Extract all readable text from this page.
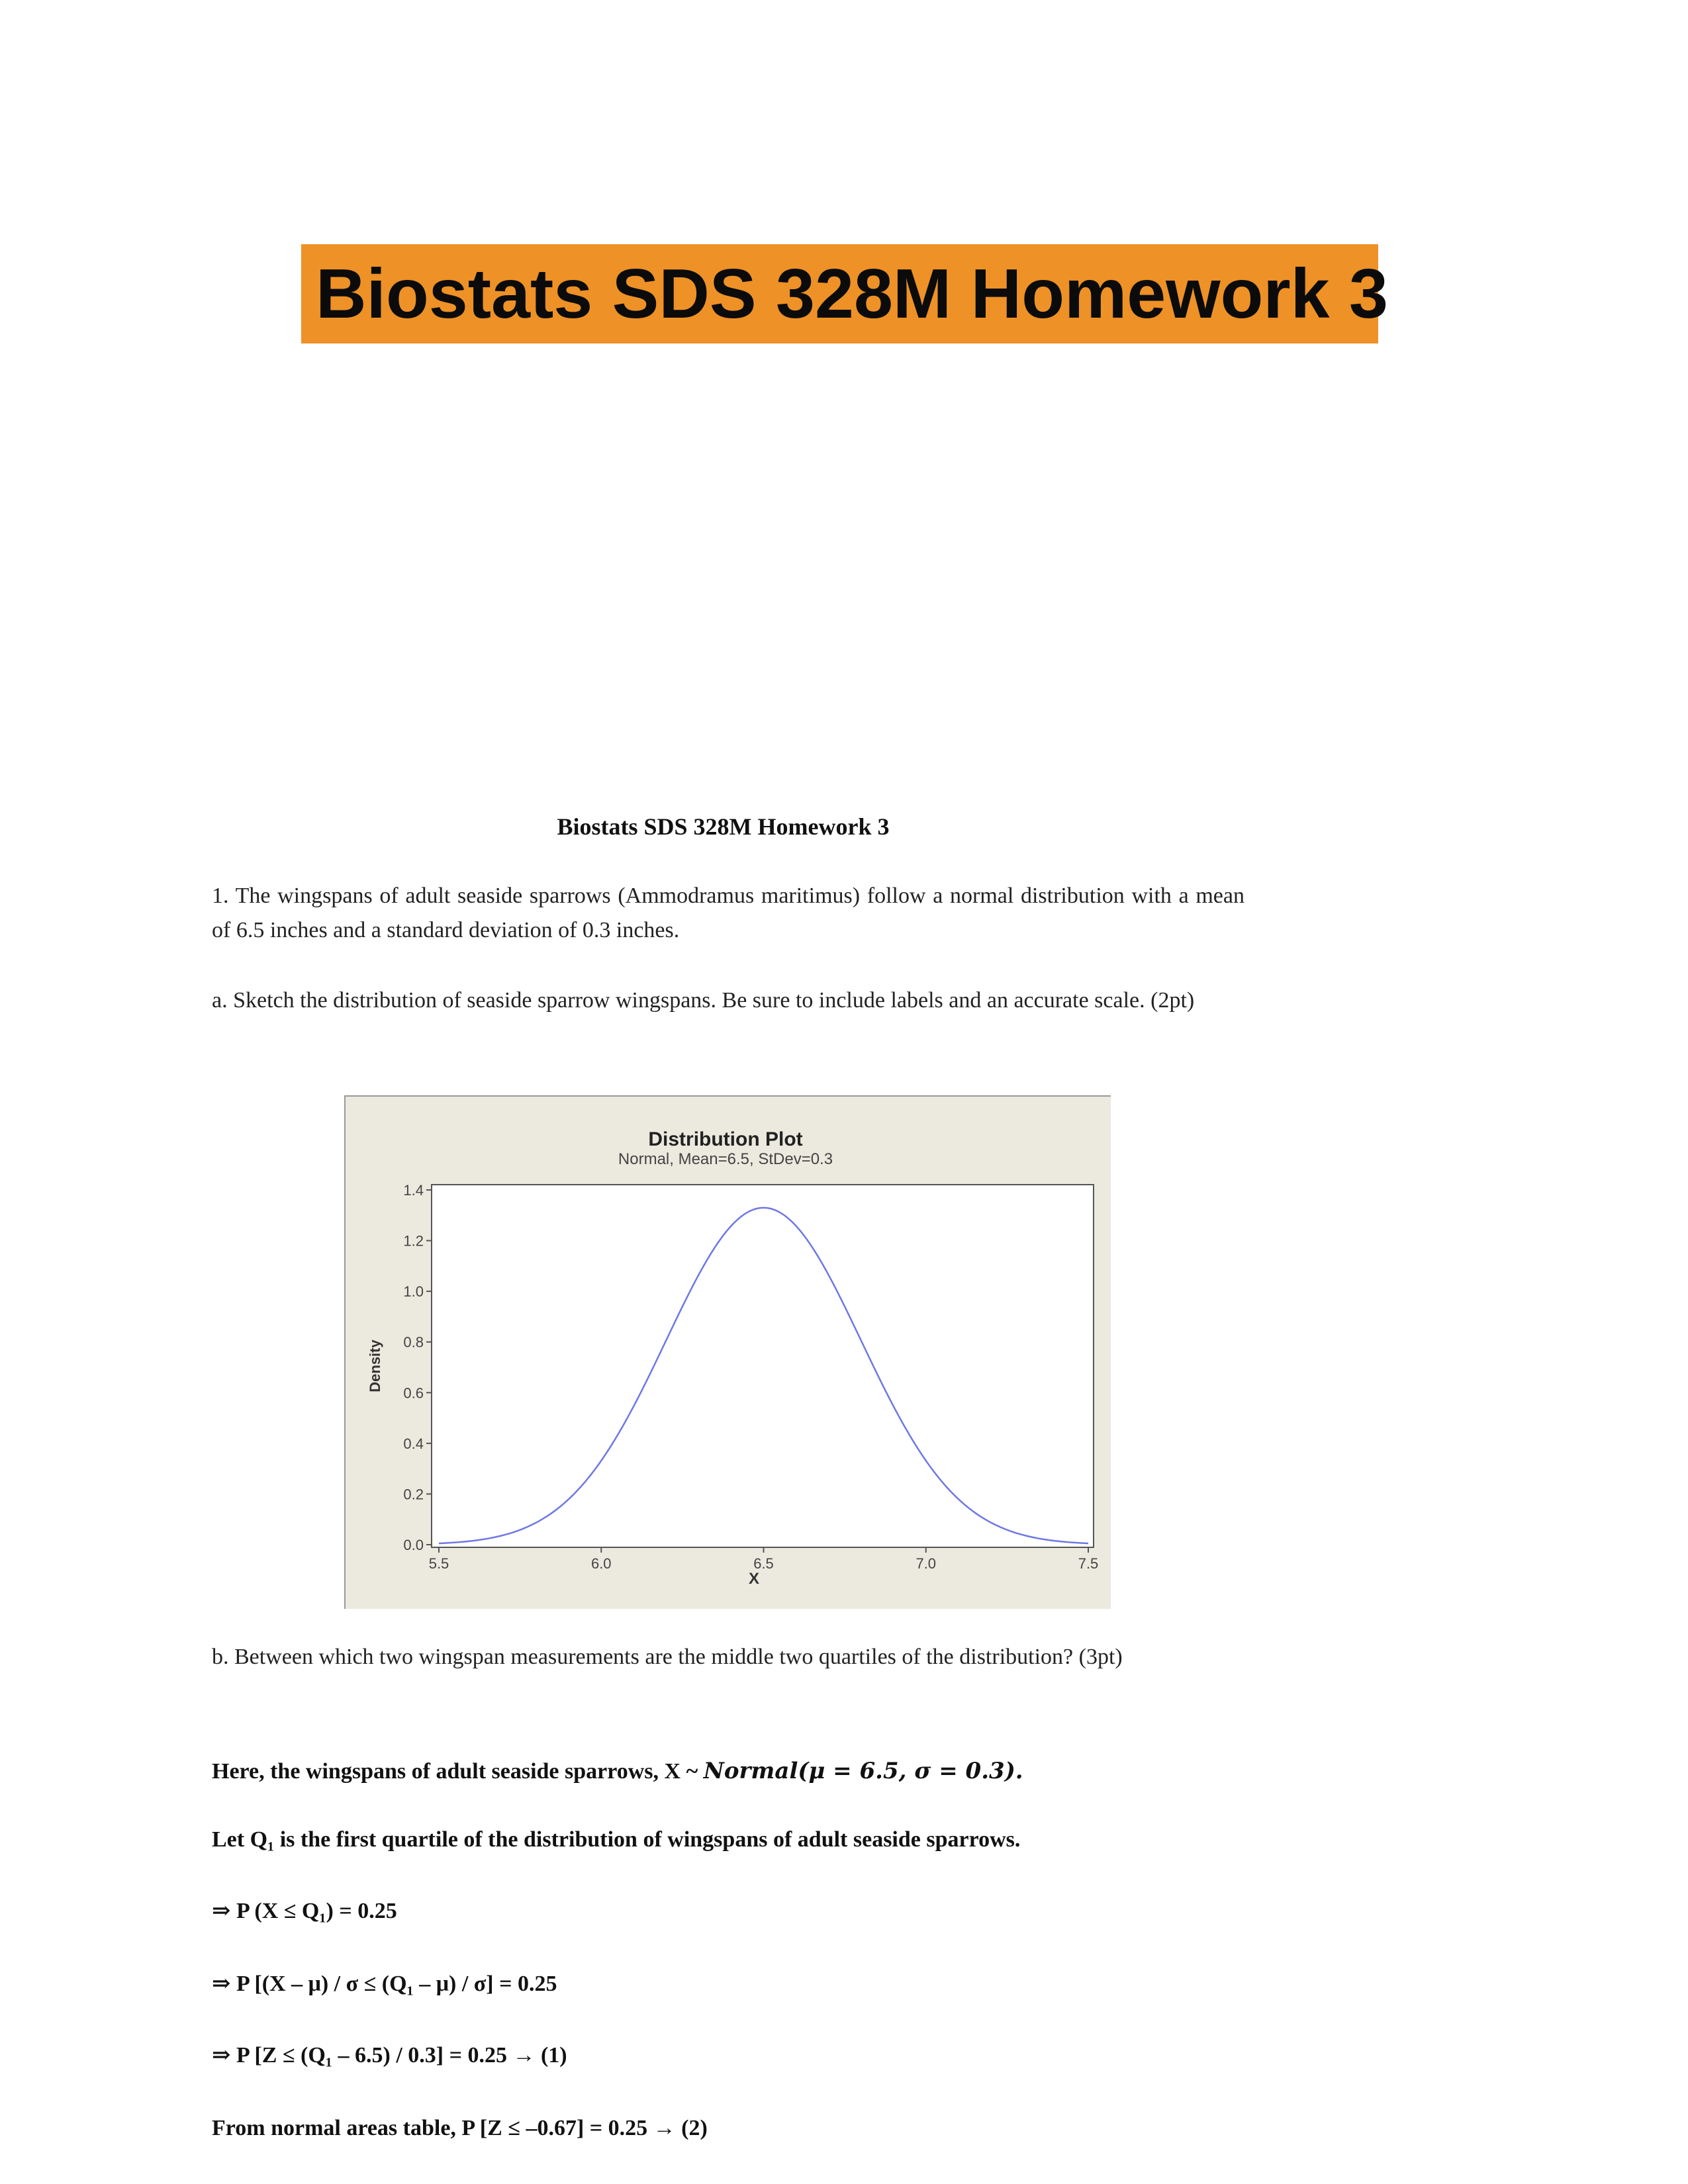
Biostats SDS 328M Homework 3
Biostats SDS 328M Homework 3
1. The wingspans of adult seaside sparrows (Ammodramus maritimus) follow a normal distribution with a mean of 6.5 inches and a standard deviation of 0.3 inches.
a. Sketch the distribution of seaside sparrow wingspans. Be sure to include labels and an accurate scale. (2pt)
Distribution Plot
Normal, Mean=6.5, StDev=0.3
0.0
0.2
0.4
0.6
0.8
1.0
1.2
1.4
5.5	6.0	6.5	7.0	7.5
Density
X
b. Between which two wingspan measurements are the middle two quartiles of the distribution? (3pt)
Here, the wingspans of adult seaside sparrows, X ~ Normal(μ = 6.5, σ = 0.3).
Let Q₁ is the first quartile of the distribution of wingspans of adult seaside sparrows.
⇒ P (X ≤ Q₁) = 0.25
⇒ P [(X – μ) / σ ≤ (Q₁ – μ) / σ] = 0.25
⇒ P [Z ≤ (Q₁ – 6.5) / 0.3] = 0.25 → (1)
From normal areas table, P [Z ≤ –0.67] = 0.25 → (2)
